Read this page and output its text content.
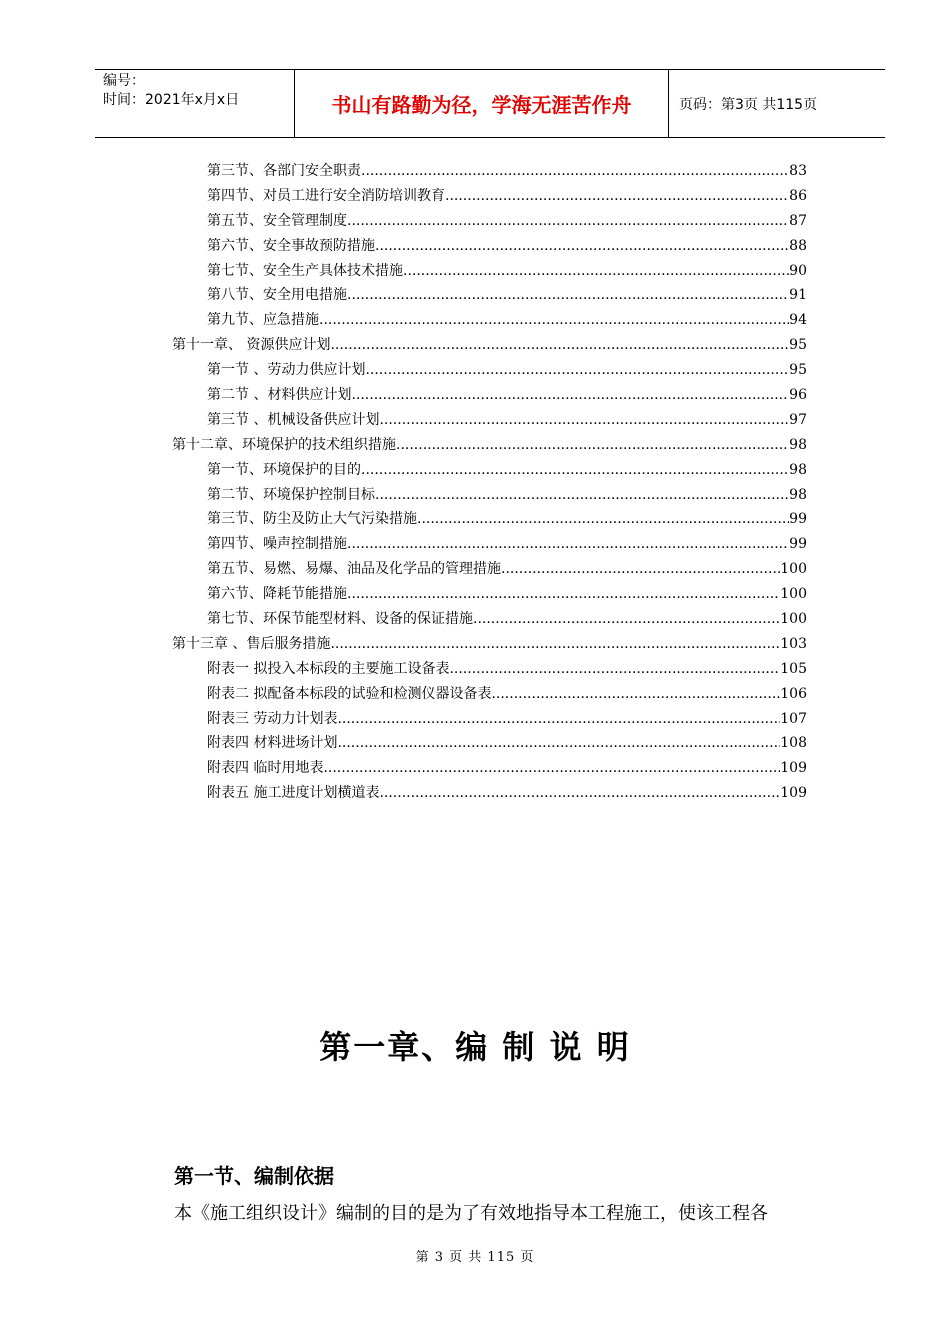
编号：
时间：2021年x月x日	书山有路勤为径，学海无涯苦作舟	页码：第3页 共115页
第三节、各部门安全职责 .....	83
第四节、对员工进行安全消防培训教育 .....	86
第五节、安全管理制度 .....	87
第六节、安全事故预防措施 .....	88
第七节、安全生产具体技术措施 .....	90
第八节、安全用电措施 .....	91
第九节、应急措施 .....	94
第十一章、 资源供应计划 .....	95
第一节 、劳动力供应计划 .....	95
第二节 、材料供应计划 .....	96
第三节 、机械设备供应计划 .....	97
第十二章、环境保护的技术组织措施 .....	98
第一节、环境保护的目的 .....	98
第二节、环境保护控制目标 .....	98
第三节、防尘及防止大气污染措施 .....	99
第四节、噪声控制措施 .....	99
第五节、易燃、易爆、油品及化学品的管理措施 .....	100
第六节、降耗节能措施 .....	100
第七节、环保节能型材料、设备的保证措施 .....	100
第十三章 、售后服务措施 .....	103
附表一 拟投入本标段的主要施工设备表 .....	105
附表二 拟配备本标段的试验和检测仪器设备表 .....	106
附表三 劳动力计划表 .....	107
附表四 材料进场计划 .....	108
附表四 临时用地表 .....	109
附表五 施工进度计划横道表 .....	109
第一章、编 制 说 明
第一节、编制依据
本《施工组织设计》编制的目的是为了有效地指导本工程施工，使该工程各
第 3 页 共 115 页
